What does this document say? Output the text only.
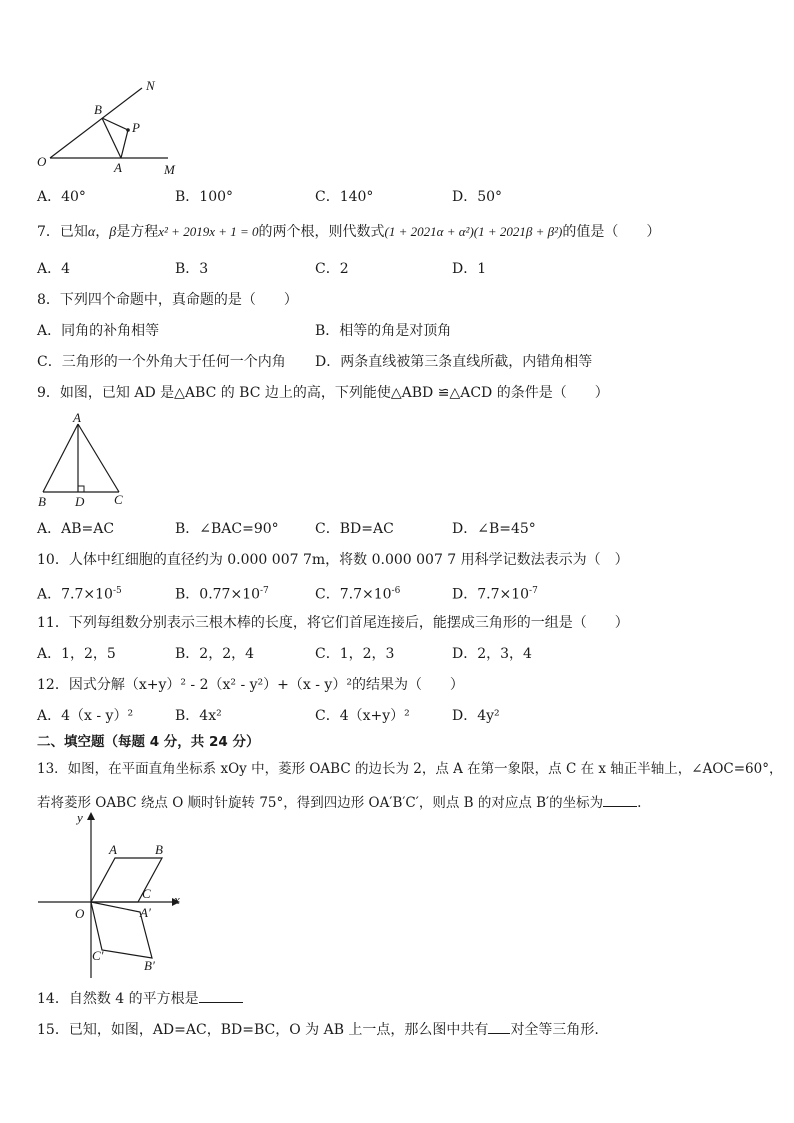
N
B
P
O	A	M
A．40°	B．100°	C．140°	D．50°
7．已知α，β是方程x² + 2019x + 1 = 0的两个根，则代数式(1 + 2021α + α²)(1 + 2021β + β²)的值是（　　）
A．4	B．3	C．2	D．1
8．下列四个命题中，真命题的是（　　）
A．同角的补角相等	B．相等的角是对顶角
C．三角形的一个外角大于任何一个内角 D．两条直线被第三条直线所截，内错角相等
9．如图，已知 AD 是△ABC 的 BC 边上的高，下列能使△ABD ≌△ACD 的条件是（　　）
A
B D C
A．AB=AC	B．∠BAC=90°	C．BD=AC	D．∠B=45°
10．人体中红细胞的直径约为 0.000 007 7m，将数 0.000 007 7 用科学记数法表示为（　）
A．$7.7\times 10^{-5}$	B．$0.77\times 10^{-7}$	C．$7.7\times 10^{-6}$	D．$7.7\times 10^{-7}$
11．下列每组数分别表示三根木棒的长度，将它们首尾连接后，能摆成三角形的一组是（　　）
A．1，2，5	B．2，2，4	C．1，2，3	D．2，3，4
12．因式分解（x+y）² - 2（x² - y²）+（x - y）²的结果为（　　）
A．4（x - y）²	B．4x²	C．4（x+y）²	D．4y²
二、填空题（每题 4 分，共 24 分）
13．如图，在平面直角坐标系 xOy 中，菱形 OABC 的边长为 2，点 A 在第一象限，点 C 在 x 轴正半轴上，∠AOC=60°，
若将菱形 OABC 绕点 O 顺时针旋转 75°，得到四边形 OA′B′C′，则点 B 的对应点 B′的坐标为	.
y
x
O
A	B
C
A′
B′
C′
14．自然数 4 的平方根是
15．已知，如图，AD=AC，BD=BC，O 为 AB 上一点，那么图中共有 对全等三角形.
